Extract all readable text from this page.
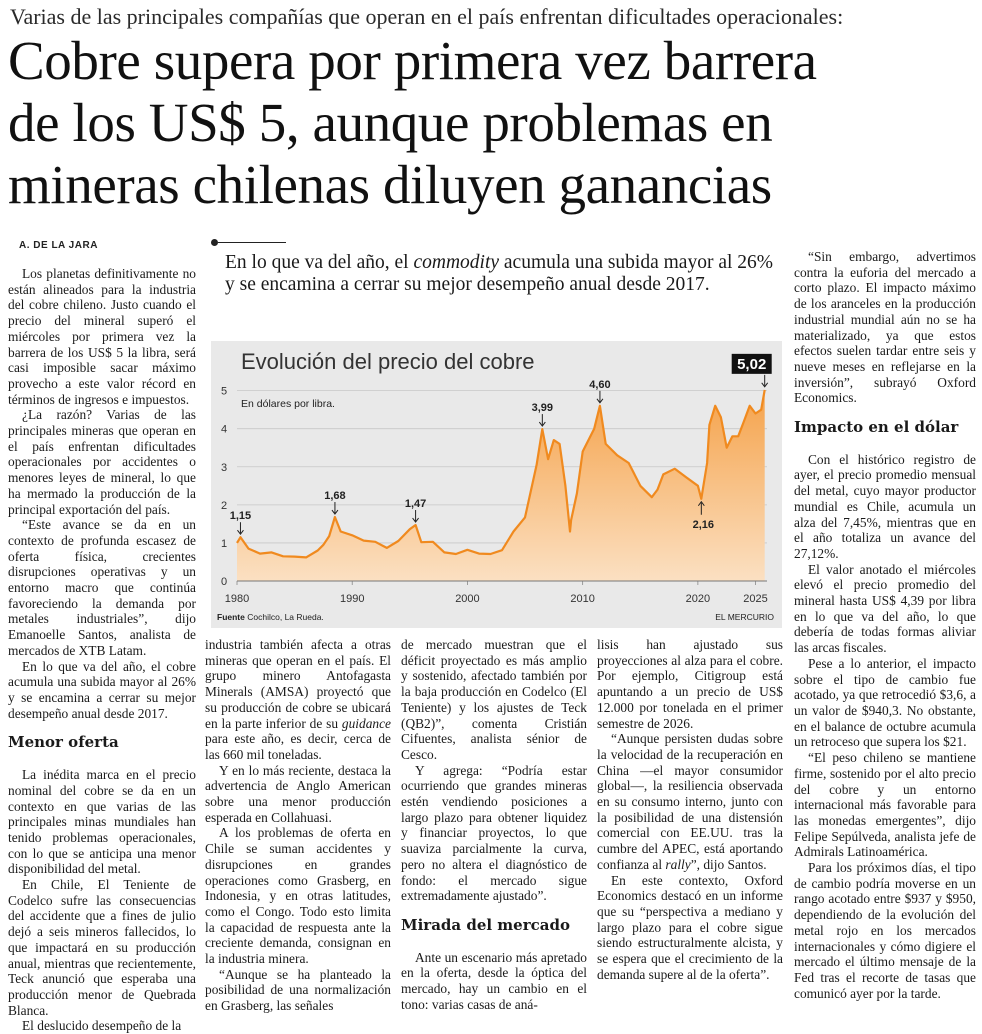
Varias de las principales compañías que operan en el país enfrentan dificultades operacionales:
Cobre supera por primera vez barrera
de los US$ 5, aunque problemas en
mineras chilenas diluyen ganancias
A. DE LA JARA
En lo que va del año, el commodity acumula una subida mayor al 26% y se encamina a cerrar su mejor desempeño anual desde 2017.
0
1
2
3
4
5
1980	1990	2000	2010	2020	2025
1,15
1,68
1,47
3,99
4,60
2,16
5,02
Evolución del precio del cobre
En dólares por libra.
Fuente Cochilco, La Rueda.	EL MERCURIO

Los planetas definitivamente no están alineados para la industria del cobre chileno. Justo cuando el precio del mineral superó el miércoles por primera vez la barrera de los US$ 5 la libra, será casi imposible sacar máximo provecho a este valor récord en términos de ingresos e impuestos.

¿La razón? Varias de las principales mineras que operan en el país enfrentan dificultades operacionales por accidentes o menores leyes de mineral, lo que ha mermado la producción de la principal exportación del país.

“Este avance se da en un contexto de profunda escasez de oferta física, crecientes disrupciones operativas y un entorno macro que continúa favoreciendo la demanda por metales industriales”, dijo Emanoelle Santos, analista de mercados de XTB Latam.

En lo que va del año, el cobre acumula una subida mayor al 26% y se encamina a cerrar su mejor desempeño anual desde 2017.

Menor oferta

La inédita marca en el precio nominal del cobre se da en un contexto en que varias de las principales minas mundiales han tenido problemas operacionales, con lo que se anticipa una menor disponibilidad del metal.

En Chile, El Teniente de Codelco sufre las consecuencias del accidente que a fines de julio dejó a seis mineros fallecidos, lo que impactará en su producción anual, mientras que recientemente, Teck anunció que esperaba una producción menor de Quebrada Blanca.

El deslucido desempeño de la

industria también afecta a otras mineras que operan en el país. El grupo minero Antofagasta Minerals (AMSA) proyectó que su producción de cobre se ubicará en la parte inferior de su guidance para este año, es decir, cerca de las 660 mil toneladas.

Y en lo más reciente, destaca la advertencia de Anglo American sobre una menor producción esperada en Collahuasi.

A los problemas de oferta en Chile se suman accidentes y disrupciones en grandes operaciones como Grasberg, en Indonesia, y en otras latitudes, como el Congo. Todo esto limita la capacidad de respuesta ante la creciente demanda, consignan en la industria minera.

“Aunque se ha planteado la posibilidad de una normalización en Grasberg, las señales

de mercado muestran que el déficit proyectado es más amplio y sostenido, afectado también por la baja producción en Codelco (El Teniente) y los ajustes de Teck (QB2)”, comenta Cristián Cifuentes, analista sénior de Cesco.

Y agrega: “Podría estar ocurriendo que grandes mineras estén vendiendo posiciones a largo plazo para obtener liquidez y financiar proyectos, lo que suaviza parcialmente la curva, pero no altera el diagnóstico de fondo: el mercado sigue extremadamente ajustado”.

Mirada del mercado

Ante un escenario más apretado en la oferta, desde la óptica del mercado, hay un cambio en el tono: varias casas de aná-

lisis han ajustado sus proyecciones al alza para el cobre. Por ejemplo, Citigroup está apuntando a un precio de US$ 12.000 por tonelada en el primer semestre de 2026.

“Aunque persisten dudas sobre la velocidad de la recuperación en China —el mayor consumidor global—, la resiliencia observada en su consumo interno, junto con la posibilidad de una distensión comercial con EE.UU. tras la cumbre del APEC, está aportando confianza al rally”, dijo Santos.

En este contexto, Oxford Economics destacó en un informe que su “perspectiva a mediano y largo plazo para el cobre sigue siendo estructuralmente alcista, y se espera que el crecimiento de la demanda supere al de la oferta”.

“Sin embargo, advertimos contra la euforia del mercado a corto plazo. El impacto máximo de los aranceles en la producción industrial mundial aún no se ha materializado, ya que estos efectos suelen tardar entre seis y nueve meses en reflejarse en la inversión”, subrayó Oxford Economics.

Impacto en el dólar

Con el histórico registro de ayer, el precio promedio mensual del metal, cuyo mayor productor mundial es Chile, acumula un alza del 7,45%, mientras que en el año totaliza un avance del 27,12%.

El valor anotado el miércoles elevó el precio promedio del mineral hasta US$ 4,39 por libra en lo que va del año, lo que debería de todas formas aliviar las arcas fiscales.

Pese a lo anterior, el impacto sobre el tipo de cambio fue acotado, ya que retrocedió $3,6, a un valor de $940,3. No obstante, en el balance de octubre acumula un retroceso que supera los $21.

“El peso chileno se mantiene firme, sostenido por el alto precio del cobre y un entorno internacional más favorable para las monedas emergentes”, dijo Felipe Sepúlveda, analista jefe de Admirals Latinoamérica.

Para los próximos días, el tipo de cambio podría moverse en un rango acotado entre $937 y $950, dependiendo de la evolución del metal rojo en los mercados internacionales y cómo digiere el mercado el último mensaje de la Fed tras el recorte de tasas que comunicó ayer por la tarde.
